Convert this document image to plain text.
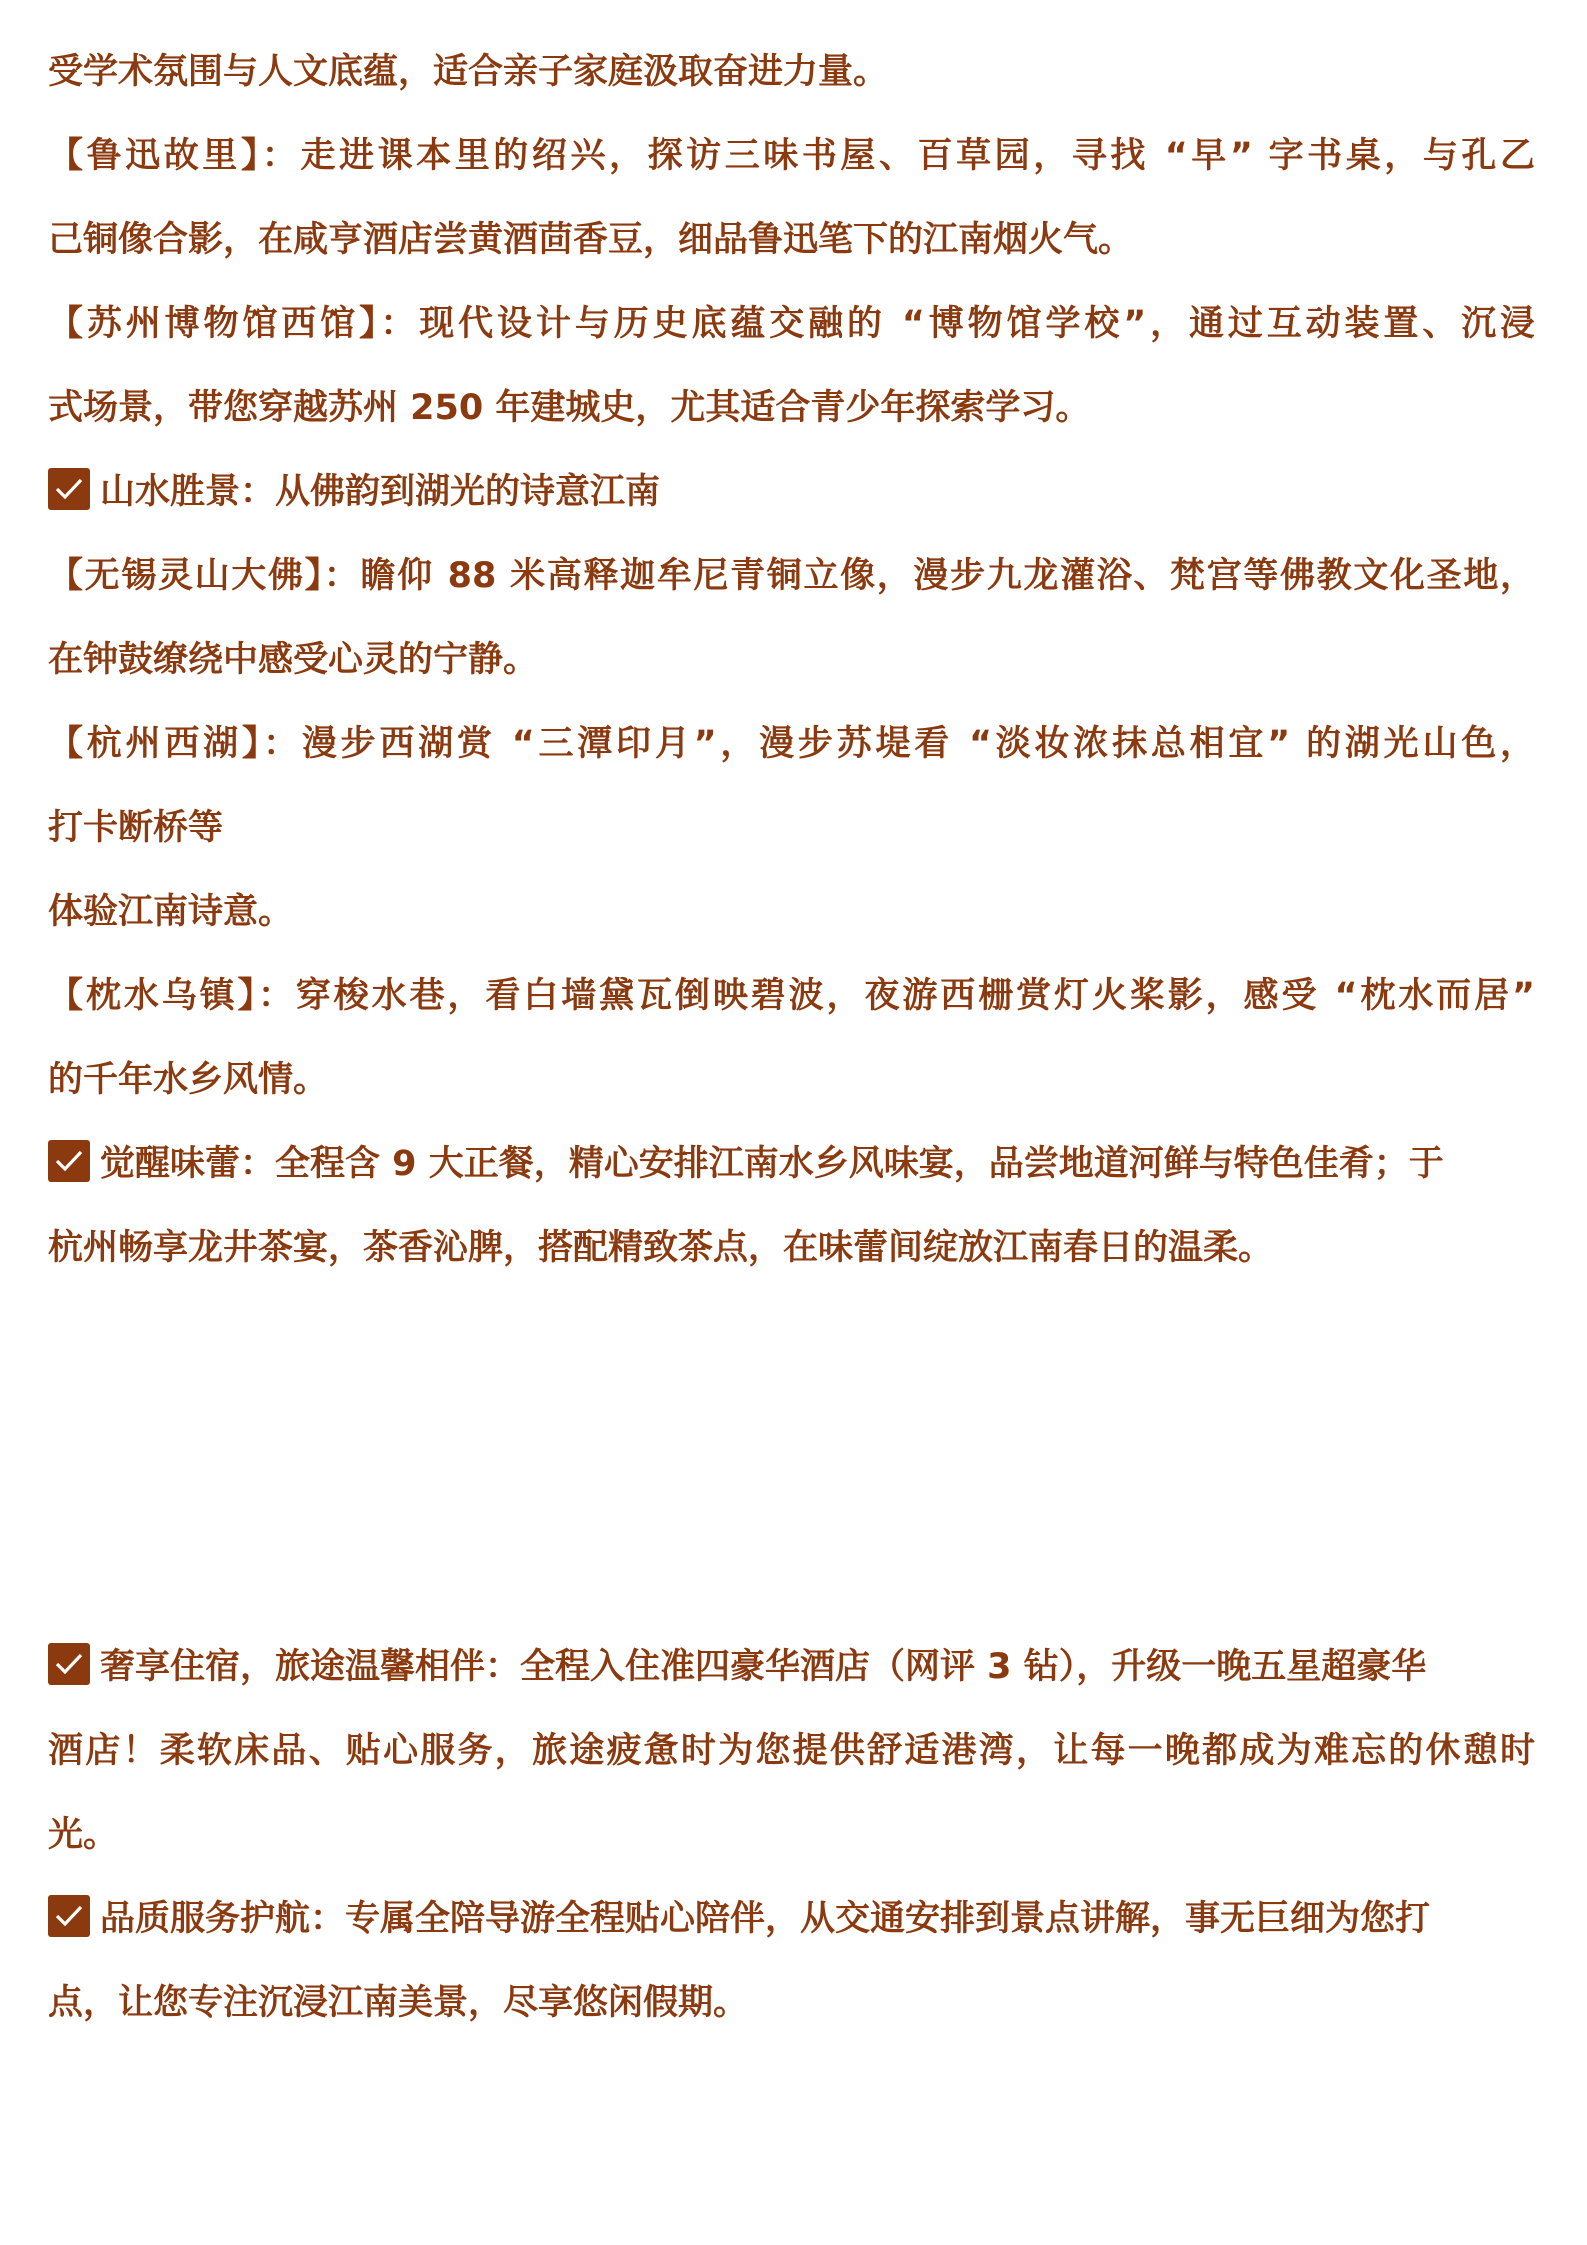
受学术氛围与人文底蕴，适合亲子家庭汲取奋进力量。
【鲁迅故里】：走进课本里的绍兴，探访三味书屋、百草园，寻找 “早” 字书桌，与孔乙
己铜像合影，在咸亨酒店尝黄酒茴香豆，细品鲁迅笔下的江南烟火气。
【苏州博物馆西馆】：现代设计与历史底蕴交融的 “博物馆学校”，通过互动装置、沉浸
式场景，带您穿越苏州 250 年建城史，尤其适合青少年探索学习。
山水胜景：从佛韵到湖光的诗意江南
【无锡灵山大佛】：瞻仰 88 米高释迦牟尼青铜立像，漫步九龙灌浴、梵宫等佛教文化圣地，
在钟鼓缭绕中感受心灵的宁静。
【杭州西湖】：漫步西湖赏 “三潭印月”，漫步苏堤看 “淡妆浓抹总相宜” 的湖光山色，
打卡断桥等
体验江南诗意。
【枕水乌镇】：穿梭水巷，看白墙黛瓦倒映碧波，夜游西栅赏灯火桨影，感受 “枕水而居”
的千年水乡风情。
觉醒味蕾：全程含 9 大正餐，精心安排江南水乡风味宴，品尝地道河鲜与特色佳肴；于
杭州畅享龙井茶宴，茶香沁脾，搭配精致茶点，在味蕾间绽放江南春日的温柔。
奢享住宿，旅途温馨相伴：全程入住准四豪华酒店（网评 3 钻），升级一晚五星超豪华
酒店！柔软床品、贴心服务，旅途疲惫时为您提供舒适港湾，让每一晚都成为难忘的休憩时
光。
品质服务护航：专属全陪导游全程贴心陪伴，从交通安排到景点讲解，事无巨细为您打
点，让您专注沉浸江南美景，尽享悠闲假期。
